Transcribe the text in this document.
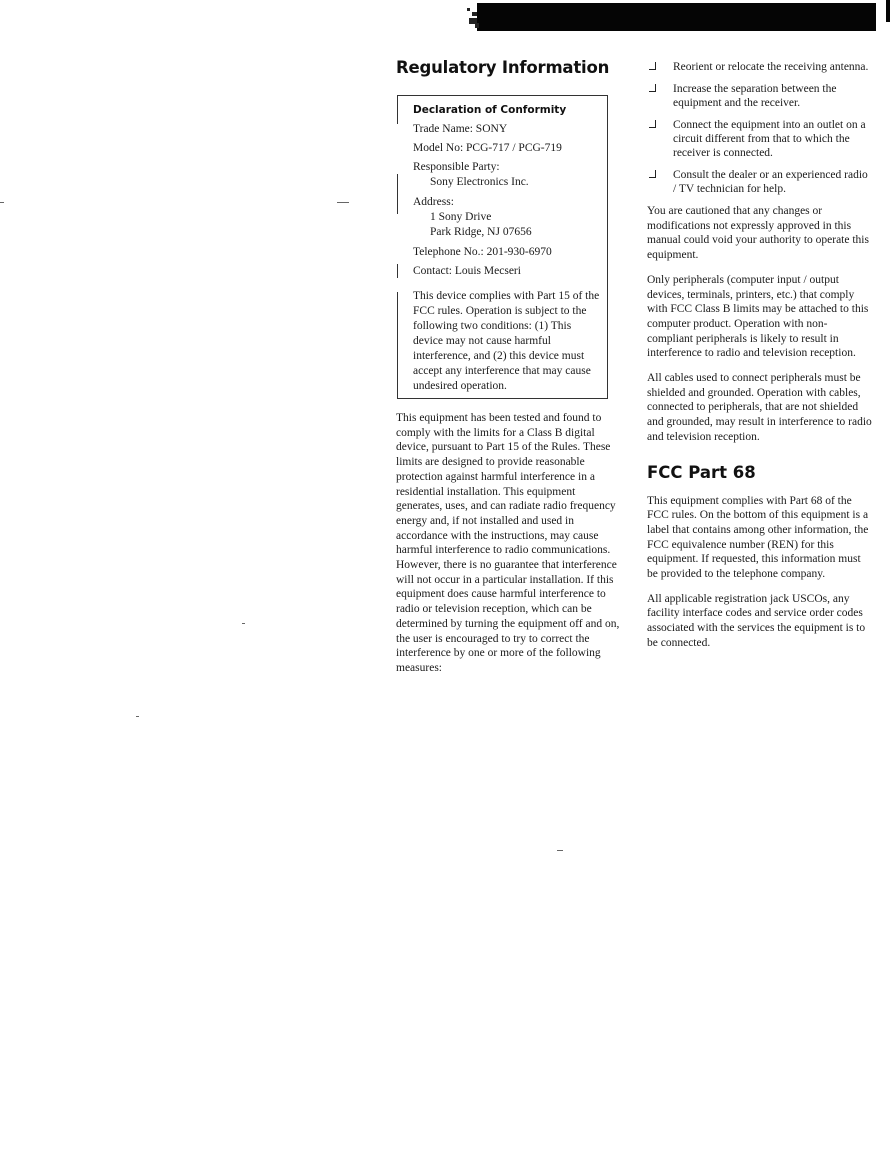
Regulatory Information
Declaration of Conformity

Trade Name: SONY

Model No: PCG-717 / PCG-719

Responsible Party:

Sony Electronics Inc.

Address:

1 Sony Drive

Park Ridge, NJ 07656

Telephone No.: 201-930-6970

Contact: Louis Mecseri

This device complies with Part 15 of the FCC rules. Operation is subject to the following two conditions: (1) This device may not cause harmful interference, and (2) this device must accept any interference that may cause undesired operation.

This equipment has been tested and found to comply with the limits for a Class B digital device, pursuant to Part 15 of the Rules. These limits are designed to provide reasonable protection against harmful interference in a residential installation. This equipment generates, uses, and can radiate radio frequency energy and, if not installed and used in accordance with the instructions, may cause harmful interference to radio communications. However, there is no guarantee that interference will not occur in a particular installation. If this equipment does cause harmful interference to radio or television reception, which can be determined by turning the equipment off and on, the user is encouraged to try to correct the interference by one or more of the following measures:

Reorient or relocate the receiving antenna.
Increase the separation between the equipment and the receiver.
Connect the equipment into an outlet on a circuit different from that to which the receiver is connected.
Consult the dealer or an experienced radio / TV technician for help.

You are cautioned that any changes or modifications not expressly approved in this manual could void your authority to operate this equipment.

Only peripherals (computer input / output devices, terminals, printers, etc.) that comply with FCC Class B limits may be attached to this computer product. Operation with non-compliant peripherals is likely to result in interference to radio and television reception.

All cables used to connect peripherals must be shielded and grounded. Operation with cables, connected to peripherals, that are not shielded and grounded, may result in interference to radio and television reception.

FCC Part 68

This equipment complies with Part 68 of the FCC rules. On the bottom of this equipment is a label that contains among other information, the FCC equivalence number (REN) for this equipment. If requested, this information must be provided to the telephone company.

All applicable registration jack USCOs, any facility interface codes and service order codes associated with the services the equipment is to be connected.
